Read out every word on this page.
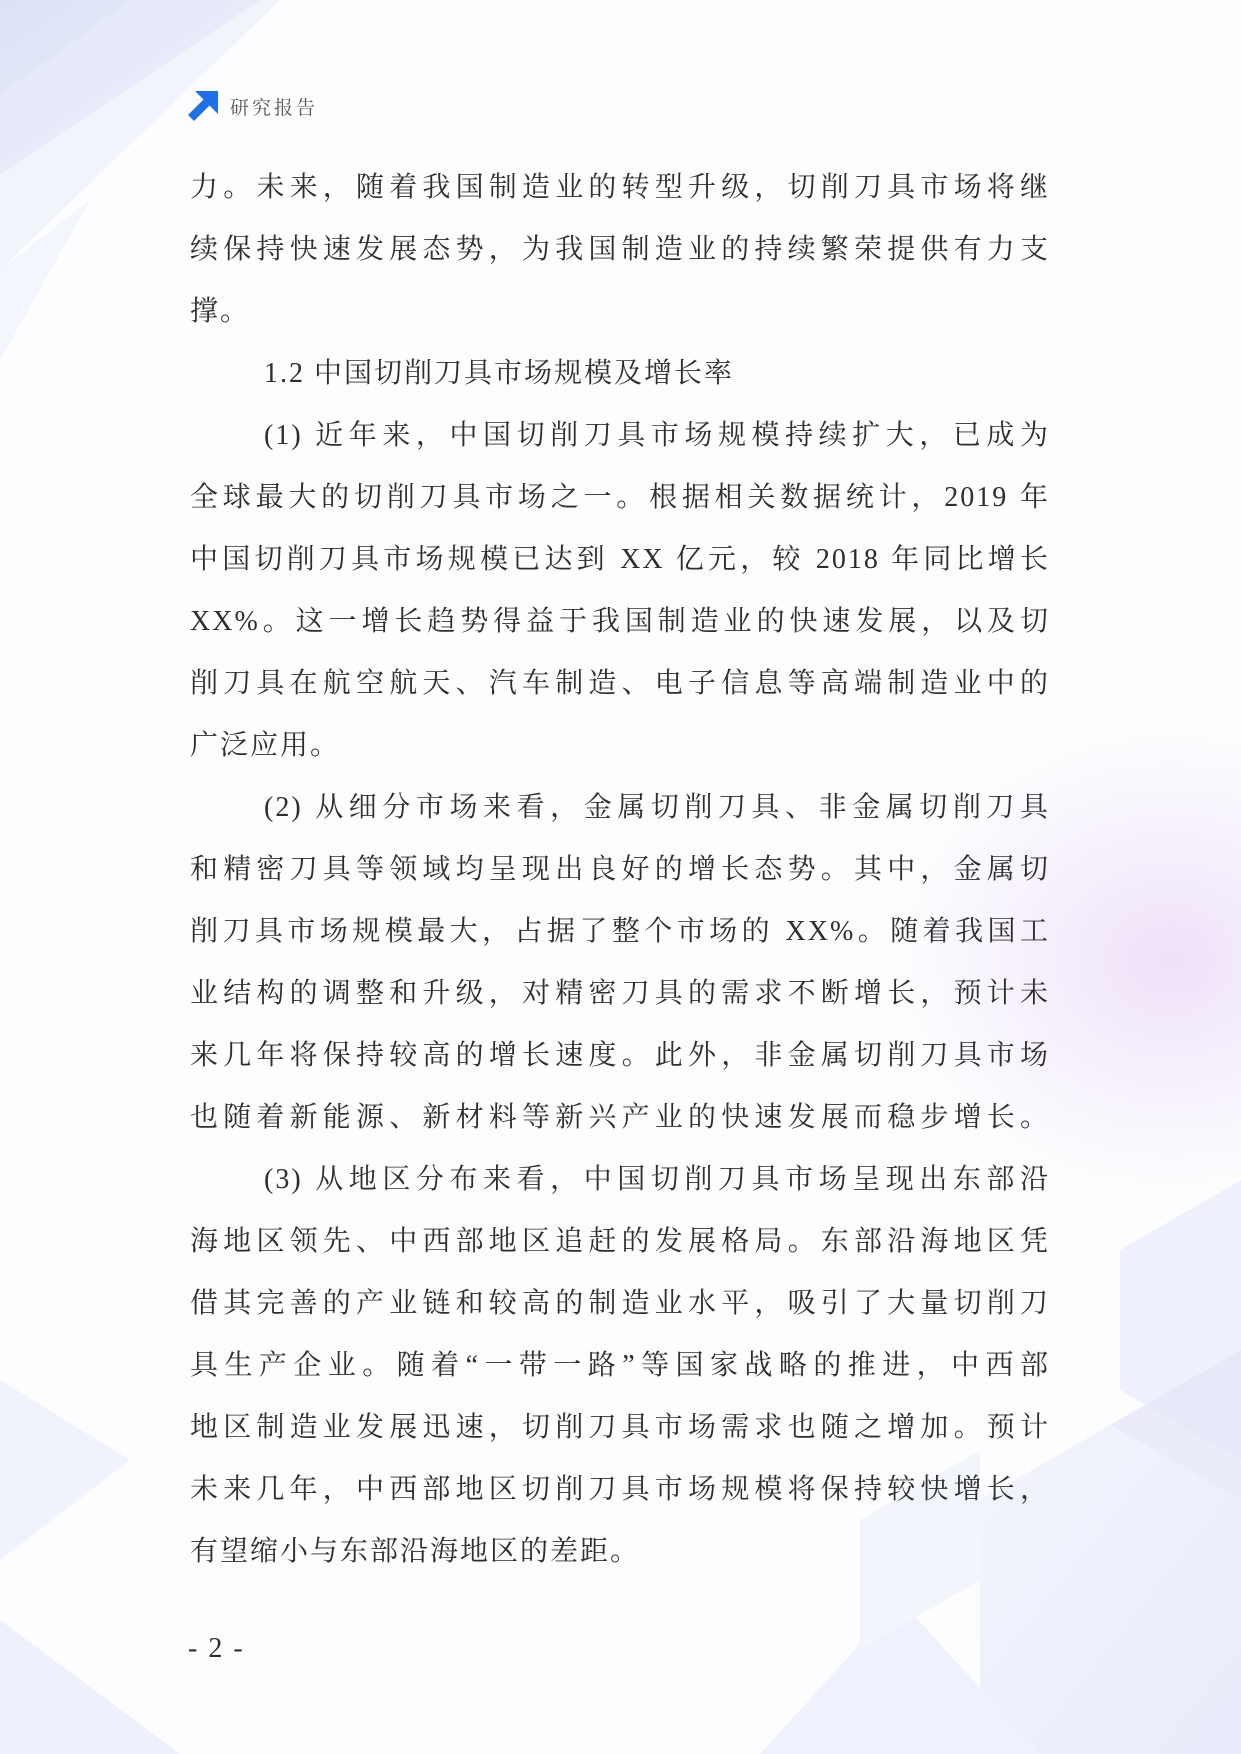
研究报告
力。未来，随着我国制造业的转型升级，切削刀具市场将继
续保持快速发展态势，为我国制造业的持续繁荣提供有力支
撑。
1.2 中国切削刀具市场规模及增长率
(1) 近年来，中国切削刀具市场规模持续扩大，已成为
全球最大的切削刀具市场之一。根据相关数据统计，2019 年
中国切削刀具市场规模已达到 XX 亿元，较 2018 年同比增长
XX%。这一增长趋势得益于我国制造业的快速发展，以及切
削刀具在航空航天、汽车制造、电子信息等高端制造业中的
广泛应用。
(2) 从细分市场来看，金属切削刀具、非金属切削刀具
和精密刀具等领域均呈现出良好的增长态势。其中，金属切
削刀具市场规模最大，占据了整个市场的 XX%。随着我国工
业结构的调整和升级，对精密刀具的需求不断增长，预计未
来几年将保持较高的增长速度。此外，非金属切削刀具市场
也随着新能源、新材料等新兴产业的快速发展而稳步增长。
(3) 从地区分布来看，中国切削刀具市场呈现出东部沿
海地区领先、中西部地区追赶的发展格局。东部沿海地区凭
借其完善的产业链和较高的制造业水平，吸引了大量切削刀
具生产企业。随着“一带一路”等国家战略的推进，中西部
地区制造业发展迅速，切削刀具市场需求也随之增加。预计
未来几年，中西部地区切削刀具市场规模将保持较快增长，
有望缩小与东部沿海地区的差距。
- 2 -
